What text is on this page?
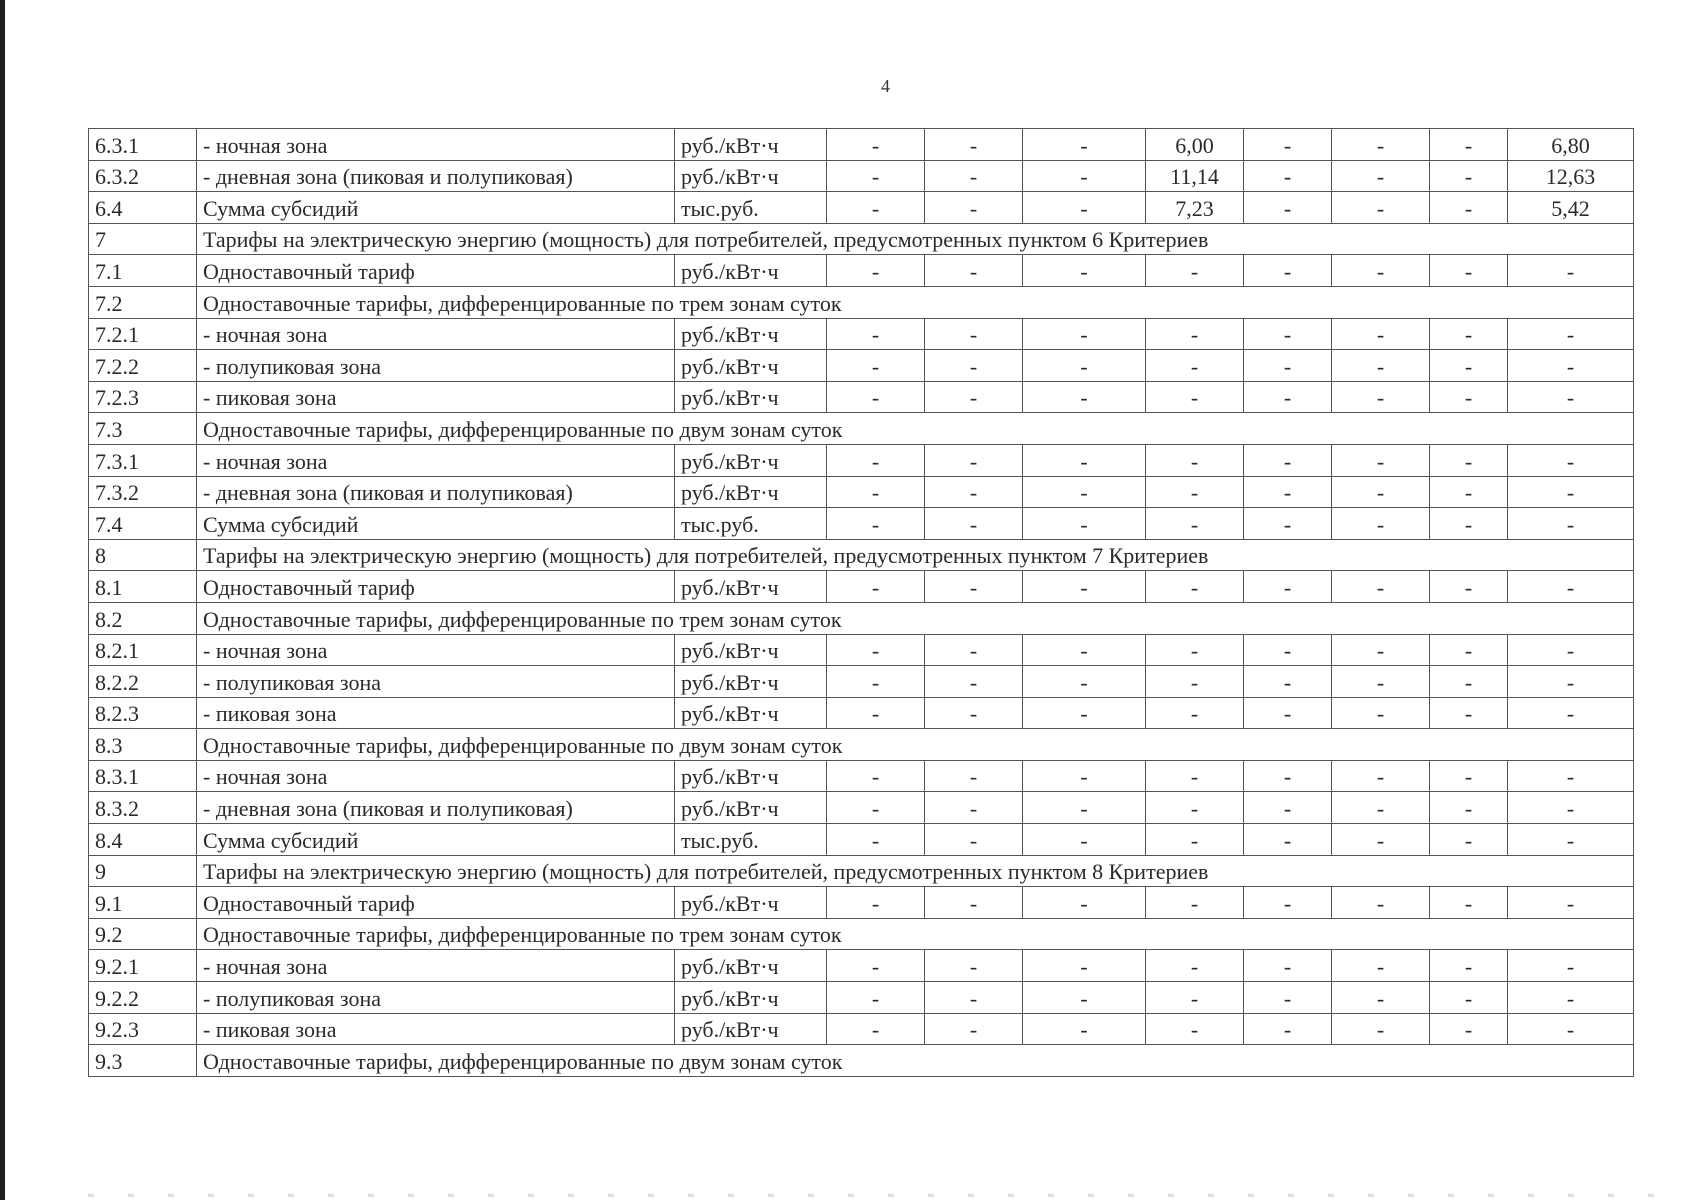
4
6.3.1	- ночная зона	руб./кВт·ч	-	-	-	6,00	-	-	-	6,80
6.3.2	- дневная зона (пиковая и полупиковая)	руб./кВт·ч	-	-	-	11,14	-	-	-	12,63
6.4	Сумма субсидий	тыс.руб.	-	-	-	7,23	-	-	-	5,42
7	Тарифы на электрическую энергию (мощность) для потребителей, предусмотренных пунктом 6 Критериев									
7.1	Одноставочный тариф	руб./кВт·ч	-	-	-	-	-	-	-	-
7.2	Одноставочные тарифы, дифференцированные по трем зонам суток									
7.2.1	- ночная зона	руб./кВт·ч	-	-	-	-	-	-	-	-
7.2.2	- полупиковая зона	руб./кВт·ч	-	-	-	-	-	-	-	-
7.2.3	- пиковая зона	руб./кВт·ч	-	-	-	-	-	-	-	-
7.3	Одноставочные тарифы, дифференцированные по двум зонам суток									
7.3.1	- ночная зона	руб./кВт·ч	-	-	-	-	-	-	-	-
7.3.2	- дневная зона (пиковая и полупиковая)	руб./кВт·ч	-	-	-	-	-	-	-	-
7.4	Сумма субсидий	тыс.руб.	-	-	-	-	-	-	-	-
8	Тарифы на электрическую энергию (мощность) для потребителей, предусмотренных пунктом 7 Критериев									
8.1	Одноставочный тариф	руб./кВт·ч	-	-	-	-	-	-	-	-
8.2	Одноставочные тарифы, дифференцированные по трем зонам суток									
8.2.1	- ночная зона	руб./кВт·ч	-	-	-	-	-	-	-	-
8.2.2	- полупиковая зона	руб./кВт·ч	-	-	-	-	-	-	-	-
8.2.3	- пиковая зона	руб./кВт·ч	-	-	-	-	-	-	-	-
8.3	Одноставочные тарифы, дифференцированные по двум зонам суток									
8.3.1	- ночная зона	руб./кВт·ч	-	-	-	-	-	-	-	-
8.3.2	- дневная зона (пиковая и полупиковая)	руб./кВт·ч	-	-	-	-	-	-	-	-
8.4	Сумма субсидий	тыс.руб.	-	-	-	-	-	-	-	-
9	Тарифы на электрическую энергию (мощность) для потребителей, предусмотренных пунктом 8 Критериев									
9.1	Одноставочный тариф	руб./кВт·ч	-	-	-	-	-	-	-	-
9.2	Одноставочные тарифы, дифференцированные по трем зонам суток									
9.2.1	- ночная зона	руб./кВт·ч	-	-	-	-	-	-	-	-
9.2.2	- полупиковая зона	руб./кВт·ч	-	-	-	-	-	-	-	-
9.2.3	- пиковая зона	руб./кВт·ч	-	-	-	-	-	-	-	-
9.3	Одноставочные тарифы, дифференцированные по двум зонам суток									
